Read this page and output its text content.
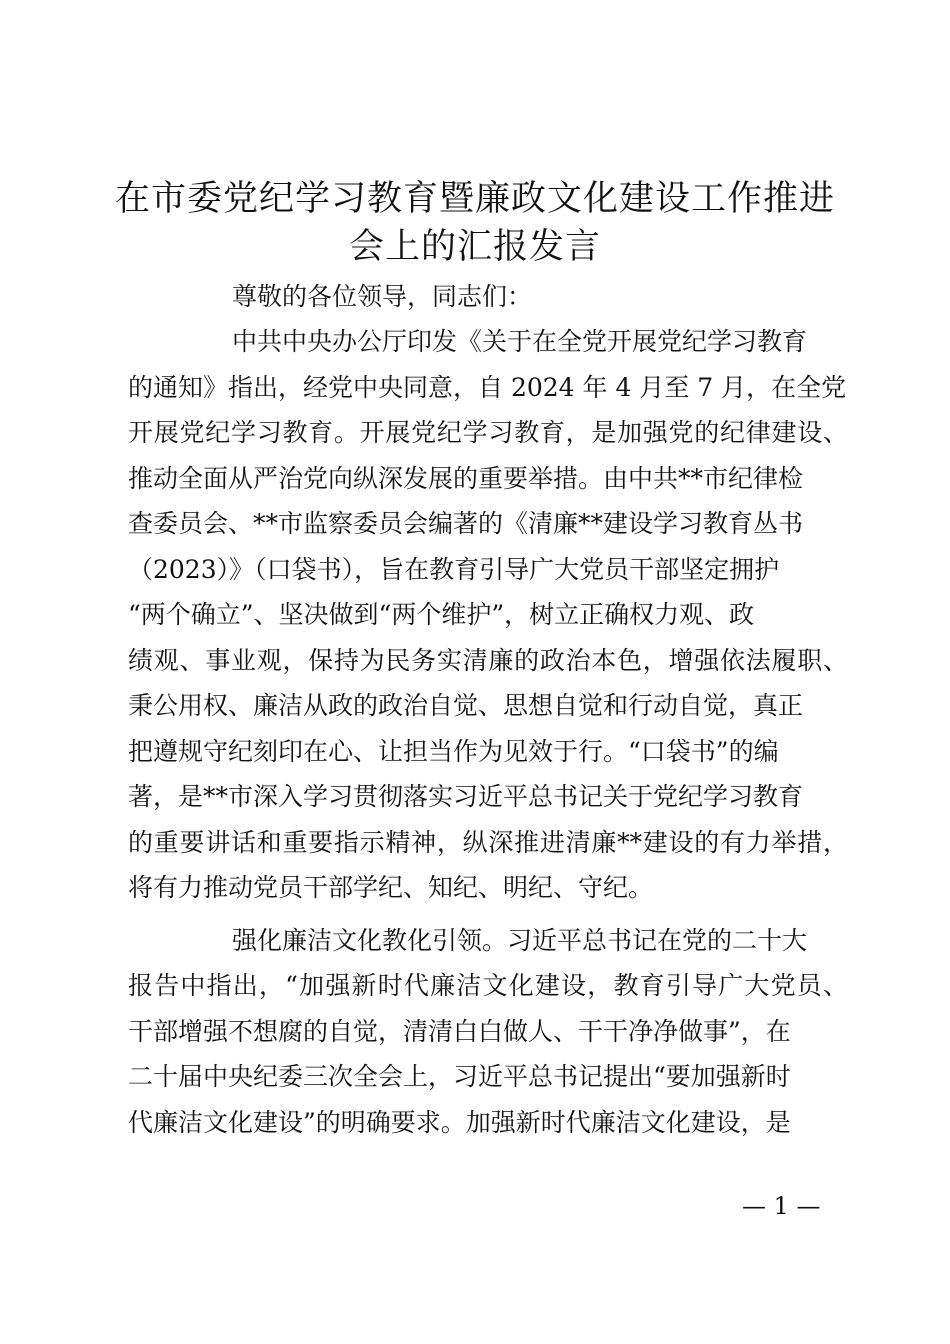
在市委党纪学习教育暨廉政文化建设工作推进
会上的汇报发言

尊敬的各位领导，同志们：

中共中央办公厅印发《关于在全党开展党纪学习教育

的通知》指出，经党中央同意，自 2024 年 4 月至 7 月，在全党

开展党纪学习教育。开展党纪学习教育，是加强党的纪律建设、

推动全面从严治党向纵深发展的重要举措。由中共**市纪律检

查委员会、**市监察委员会编著的《清廉**建设学习教育丛书

（2023）》（口袋书），旨在教育引导广大党员干部坚定拥护

“两个确立”、坚决做到“两个维护”，树立正确权力观、政

绩观、事业观，保持为民务实清廉的政治本色，增强依法履职、

秉公用权、廉洁从政的政治自觉、思想自觉和行动自觉，真正

把遵规守纪刻印在心、让担当作为见效于行。“口袋书”的编

著，是**市深入学习贯彻落实习近平总书记关于党纪学习教育

的重要讲话和重要指示精神，纵深推进清廉**建设的有力举措，

将有力推动党员干部学纪、知纪、明纪、守纪。

强化廉洁文化教化引领。习近平总书记在党的二十大

报告中指出，“加强新时代廉洁文化建设，教育引导广大党员、

干部增强不想腐的自觉，清清白白做人、干干净净做事”，在

二十届中央纪委三次全会上，习近平总书记提出“要加强新时

代廉洁文化建设”的明确要求。加强新时代廉洁文化建设，是

— 1 —
